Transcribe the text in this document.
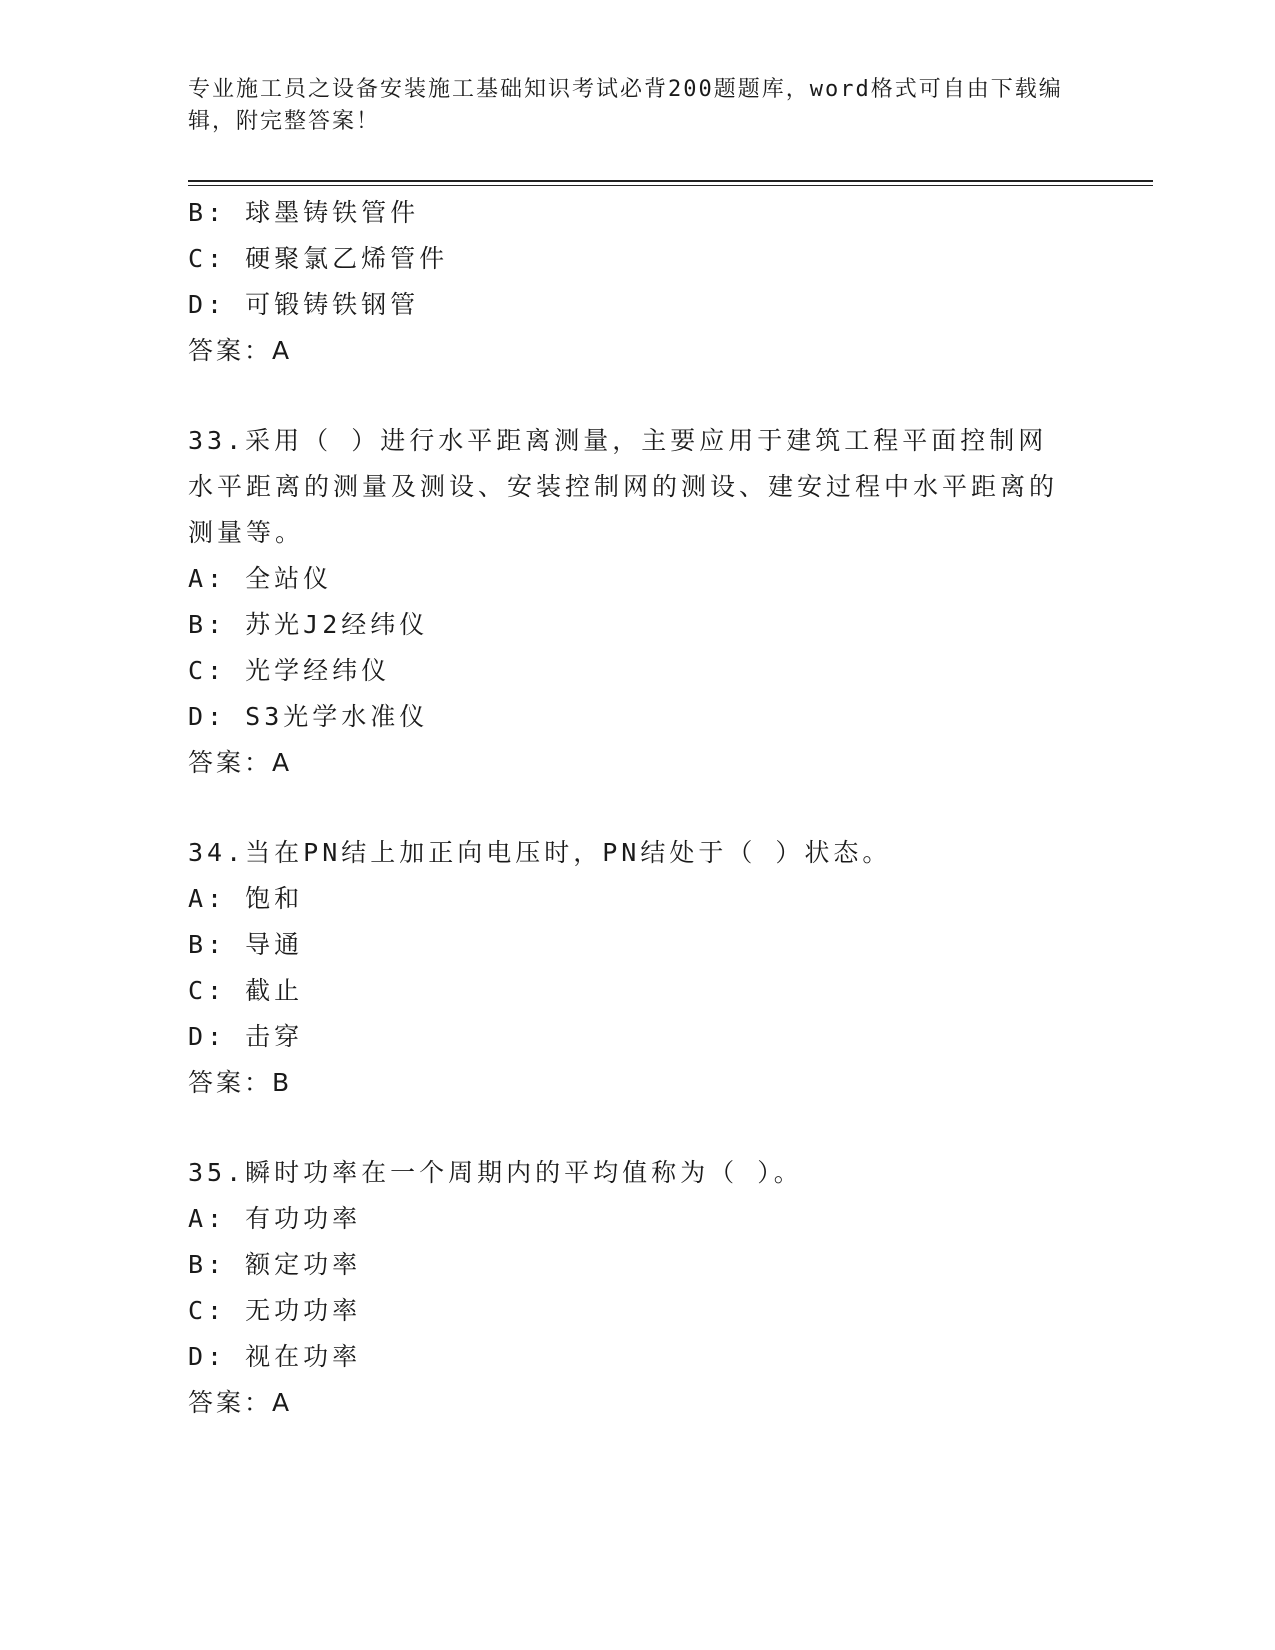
专业施工员之设备安装施工基础知识考试必背200题题库，word格式可自由下载编辑，附完整答案！
B: 球墨铸铁管件
C: 硬聚氯乙烯管件
D: 可锻铸铁钢管
答案：A
33.采用（ ）进行水平距离测量，主要应用于建筑工程平面控制网水平距离的测量及测设、安装控制网的测设、建安过程中水平距离的测量等。
A: 全站仪
B: 苏光J2经纬仪
C: 光学经纬仪
D: S3光学水准仪
答案：A
34.当在PN结上加正向电压时，PN结处于（ ）状态。
A: 饱和
B: 导通
C: 截止
D: 击穿
答案：B
35.瞬时功率在一个周期内的平均值称为（ ）。
A: 有功功率
B: 额定功率
C: 无功功率
D: 视在功率
答案：A
